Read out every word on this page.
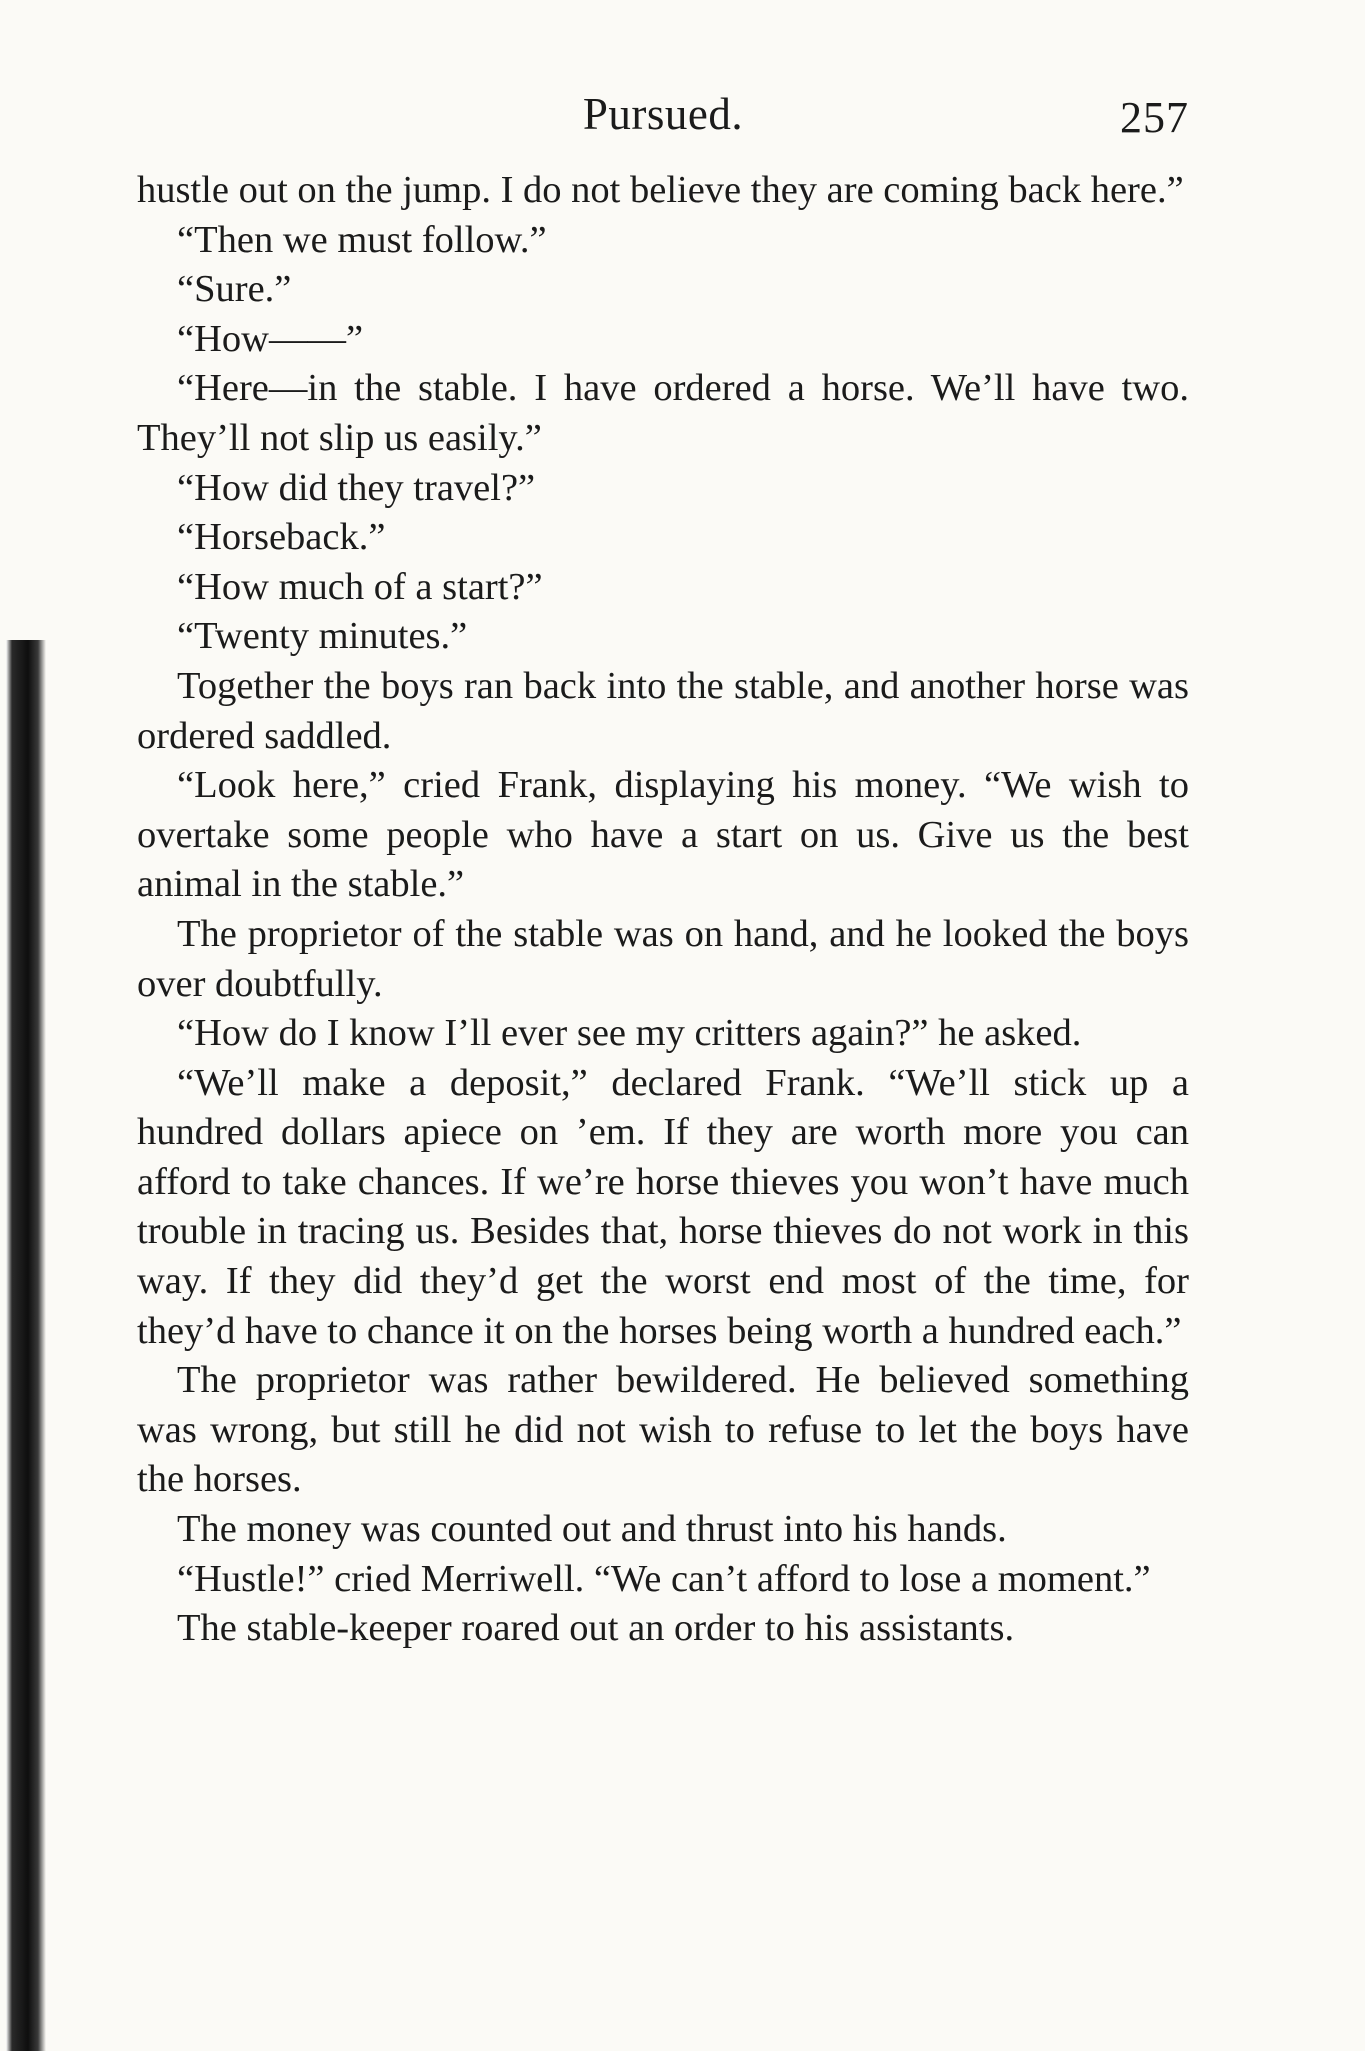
Pursued.	257

hustle out on the jump. I do not believe they are coming back here.”

“Then we must follow.”

“Sure.”

“How——”

“Here—in the stable. I have ordered a horse. We’ll have two. They’ll not slip us easily.”

“How did they travel?”

“Horseback.”

“How much of a start?”

“Twenty minutes.”

Together the boys ran back into the stable, and another horse was ordered saddled.

“Look here,” cried Frank, displaying his money. “We wish to overtake some people who have a start on us. Give us the best animal in the stable.”

The proprietor of the stable was on hand, and he looked the boys over doubtfully.

“How do I know I’ll ever see my critters again?” he asked.

“We’ll make a deposit,” declared Frank. “We’ll stick up a hundred dollars apiece on ’em. If they are worth more you can afford to take chances. If we’re horse thieves you won’t have much trouble in tracing us. Besides that, horse thieves do not work in this way. If they did they’d get the worst end most of the time, for they’d have to chance it on the horses being worth a hundred each.”

The proprietor was rather bewildered. He believed something was wrong, but still he did not wish to refuse to let the boys have the horses.

The money was counted out and thrust into his hands.

“Hustle!” cried Merriwell. “We can’t afford to lose a moment.”

The stable-keeper roared out an order to his assistants.
